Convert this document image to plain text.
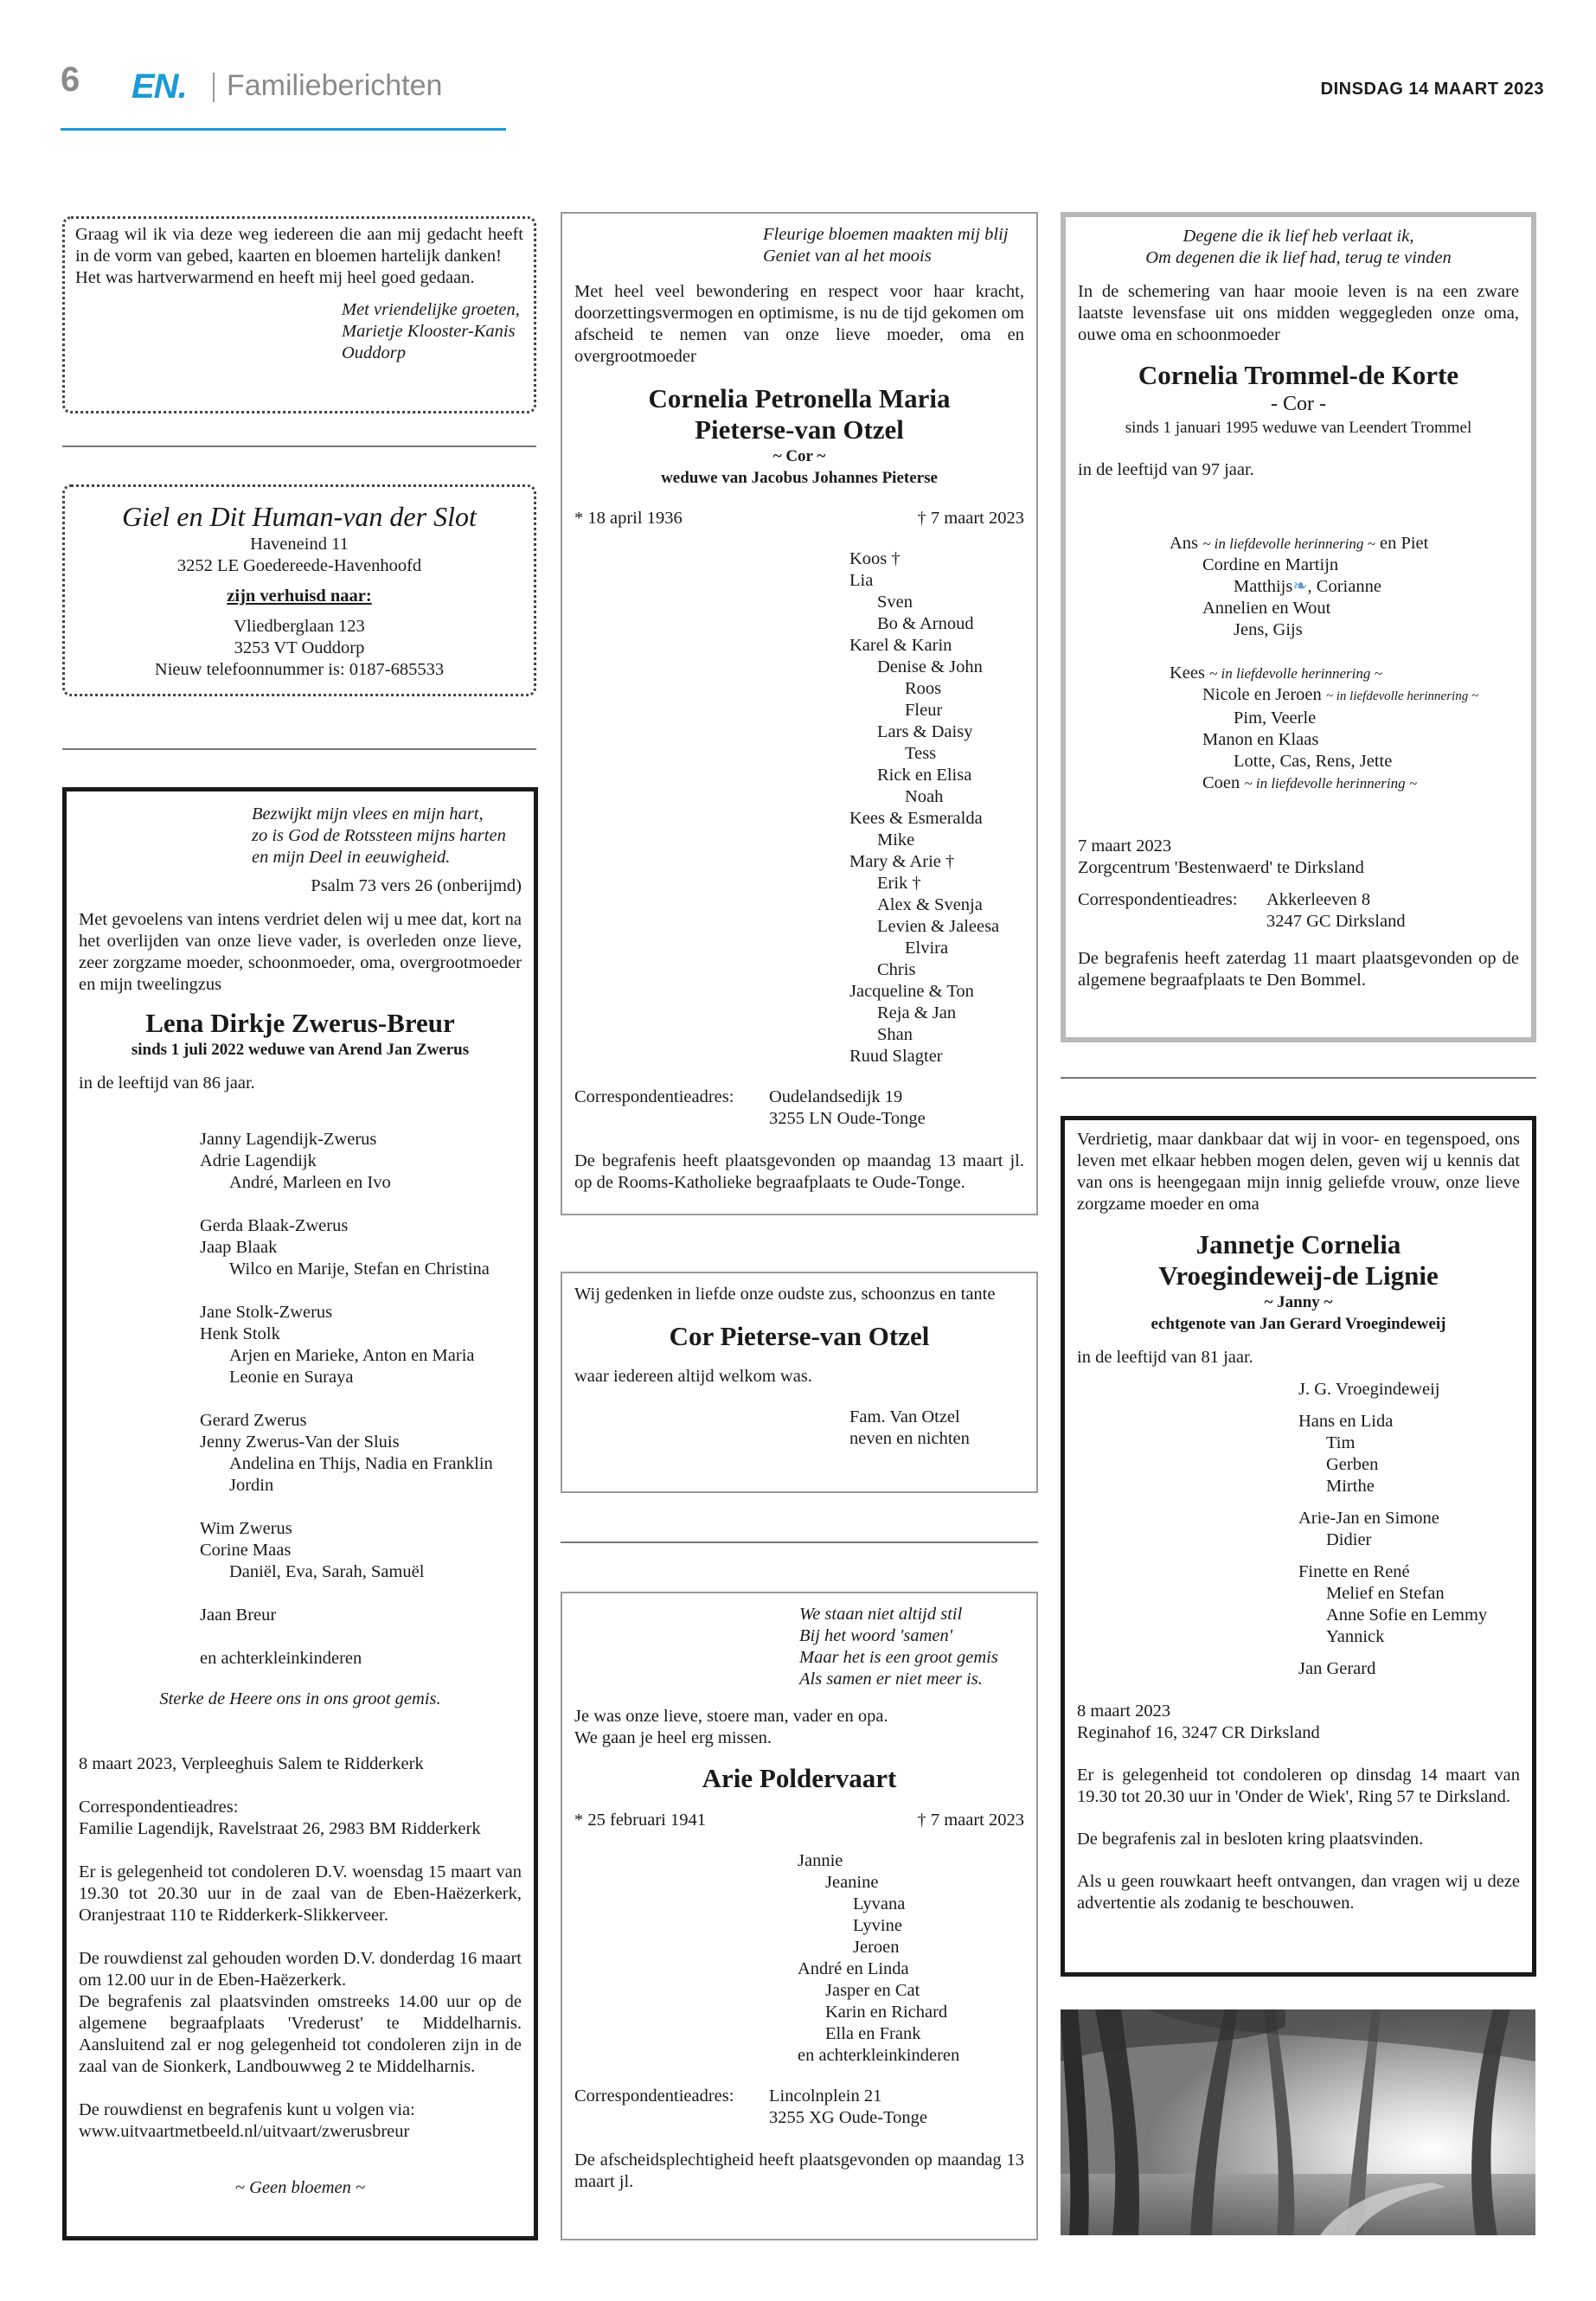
6 EN. Familieberichten	DINSDAG 14 MAART 2023

Graag wil ik via deze weg iedereen die aan mij gedacht heeft in de vorm van gebed, kaarten en bloemen hartelijk danken!

Het was hartverwarmend en heeft mij heel goed gedaan.

Met vriendelijke groeten,

Marietje Klooster-Kanis

Ouddorp

Giel en Dit Human-van der Slot

Haveneind 11

3252 LE Goedereede-Havenhoofd

zijn verhuisd naar:

Vliedberglaan 123

3253 VT Ouddorp

Nieuw telefoonnummer is: 0187-685533

Bezwijkt mijn vlees en mijn hart,

zo is God de Rotssteen mijns harten

en mijn Deel in eeuwigheid.

Psalm 73 vers 26 (onberijmd)

Met gevoelens van intens verdriet delen wij u mee dat, kort na het overlijden van onze lieve vader, is overleden onze lieve, zeer zorgzame moeder, schoonmoeder, oma, overgrootmoeder en mijn tweelingzus

Lena Dirkje Zwerus-Breur

sinds 1 juli 2022 weduwe van Arend Jan Zwerus

in de leeftijd van 86 jaar.

Janny Lagendijk-Zwerus

Adrie Lagendijk

André, Marleen en Ivo

Gerda Blaak-Zwerus

Jaap Blaak

Wilco en Marije, Stefan en Christina

Jane Stolk-Zwerus

Henk Stolk

Arjen en Marieke, Anton en Maria

Leonie en Suraya

Gerard Zwerus

Jenny Zwerus-Van der Sluis

Andelina en Thijs, Nadia en Franklin

Jordin

Wim Zwerus

Corine Maas

Daniël, Eva, Sarah, Samuël

Jaan Breur

en achterkleinkinderen

Sterke de Heere ons in ons groot gemis.

8 maart 2023, Verpleeghuis Salem te Ridderkerk

Correspondentieadres:

Familie Lagendijk, Ravelstraat 26, 2983 BM Ridderkerk

Er is gelegenheid tot condoleren D.V. woensdag 15 maart van 19.30 tot 20.30 uur in de zaal van de Eben-Haëzerkerk, Oranjestraat 110 te Ridderkerk-Slikkerveer.

De rouwdienst zal gehouden worden D.V. donderdag 16 maart om 12.00 uur in de Eben-Haëzerkerk.

De begrafenis zal plaatsvinden omstreeks 14.00 uur op de algemene begraafplaats 'Vrederust' te Middelharnis. Aansluitend zal er nog gelegenheid tot condoleren zijn in de zaal van de Sionkerk, Landbouwweg 2 te Middelharnis.

De rouwdienst en begrafenis kunt u volgen via:

www.uitvaartmetbeeld.nl/uitvaart/zwerusbreur

~ Geen bloemen ~

Fleurige bloemen maakten mij blij

Geniet van al het moois

Met heel veel bewondering en respect voor haar kracht, doorzettingsvermogen en optimisme, is nu de tijd gekomen om afscheid te nemen van onze lieve moeder, oma en overgrootmoeder

Cornelia Petronella Maria

Pieterse-van Otzel

~ Cor ~

weduwe van Jacobus Johannes Pieterse

* 18 april 1936	† 7 maart 2023

Koos †

Lia

Sven

Bo & Arnoud

Karel & Karin

Denise & John

Roos

Fleur

Lars & Daisy

Tess

Rick en Elisa

Noah

Kees & Esmeralda

Mike

Mary & Arie †

Erik †

Alex & Svenja

Levien & Jaleesa

Elvira

Chris

Jacqueline & Ton

Reja & Jan

Shan

Ruud Slagter

Correspondentieadres:	Oudelandsedijk 19

3255 LN Oude-Tonge

De begrafenis heeft plaatsgevonden op maandag 13 maart jl. op de Rooms-Katholieke begraafplaats te Oude-Tonge.

Wij gedenken in liefde onze oudste zus, schoonzus en tante

Cor Pieterse-van Otzel

waar iedereen altijd welkom was.

Fam. Van Otzel

neven en nichten

We staan niet altijd stil

Bij het woord 'samen'

Maar het is een groot gemis

Als samen er niet meer is.

Je was onze lieve, stoere man, vader en opa.

We gaan je heel erg missen.

Arie Poldervaart

* 25 februari 1941	† 7 maart 2023

Jannie

Jeanine

Lyvana

Lyvine

Jeroen

André en Linda

Jasper en Cat

Karin en Richard

Ella en Frank

en achterkleinkinderen

Correspondentieadres:	Lincolnplein 21

3255 XG Oude-Tonge

De afscheidsplechtigheid heeft plaatsgevonden op maandag 13 maart jl.

Degene die ik lief heb verlaat ik,

Om degenen die ik lief had, terug te vinden

In de schemering van haar mooie leven is na een zware laatste levensfase uit ons midden weggegleden onze oma, ouwe oma en schoonmoeder

Cornelia Trommel-de Korte

- Cor -

sinds 1 januari 1995 weduwe van Leendert Trommel

in de leeftijd van 97 jaar.

Ans ~ in liefdevolle herinnering ~ en Piet

Cordine en Martijn

Matthijs❧, Corianne

Annelien en Wout

Jens, Gijs

Kees ~ in liefdevolle herinnering ~

Nicole en Jeroen ~ in liefdevolle herinnering ~

Pim, Veerle

Manon en Klaas

Lotte, Cas, Rens, Jette

Coen ~ in liefdevolle herinnering ~

7 maart 2023

Zorgcentrum 'Bestenwaerd' te Dirksland

Correspondentieadres:	Akkerleeven 8

3247 GC Dirksland

De begrafenis heeft zaterdag 11 maart plaatsgevonden op de algemene begraafplaats te Den Bommel.

Verdrietig, maar dankbaar dat wij in voor- en tegenspoed, ons leven met elkaar hebben mogen delen, geven wij u kennis dat van ons is heengegaan mijn innig geliefde vrouw, onze lieve zorgzame moeder en oma

Jannetje Cornelia

Vroegindeweij-de Lignie

~ Janny ~

echtgenote van Jan Gerard Vroegindeweij

in de leeftijd van 81 jaar.

J. G. Vroegindeweij

Hans en Lida

Tim

Gerben

Mirthe

Arie-Jan en Simone

Didier

Finette en René

Melief en Stefan

Anne Sofie en Lemmy

Yannick

Jan Gerard

8 maart 2023

Reginahof 16, 3247 CR Dirksland

Er is gelegenheid tot condoleren op dinsdag 14 maart van 19.30 tot 20.30 uur in 'Onder de Wiek', Ring 57 te Dirksland.

De begrafenis zal in besloten kring plaatsvinden.

Als u geen rouwkaart heeft ontvangen, dan vragen wij u deze advertentie als zodanig te beschouwen.
